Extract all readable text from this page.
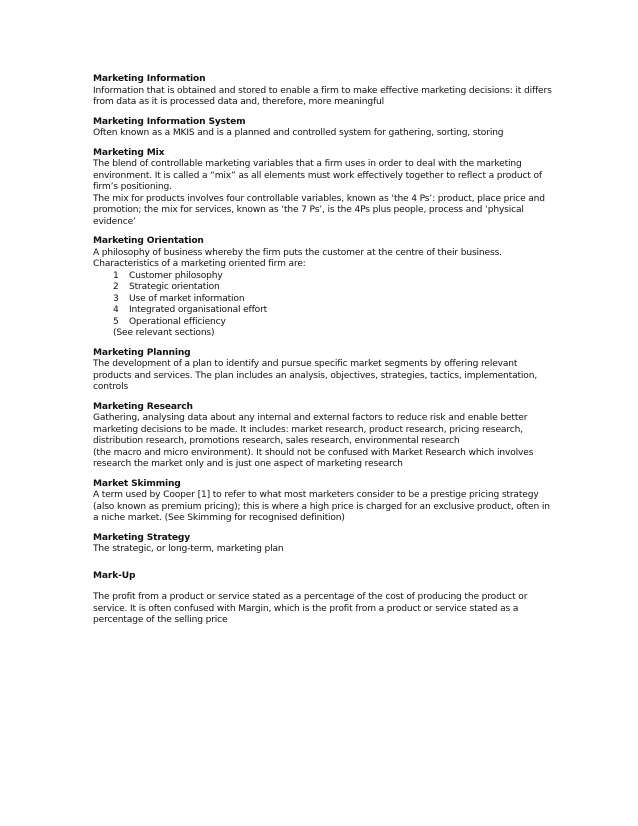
Marketing Information
Information that is obtained and stored to enable a firm to make effective marketing decisions: it differs from data as it is processed data and, therefore, more meaningful
Marketing Information System
Often known as a MKIS and is a planned and controlled system for gathering, sorting, storing
Marketing Mix
The blend of controllable marketing variables that a firm uses in order to deal with the marketing environment. It is called a “mix” as all elements must work effectively together to reflect a product of firm’s positioning.
The mix for products involves four controllable variables, known as ‘the 4 Ps’: product, place price and promotion; the mix for services, known as ‘the 7 Ps’, is the 4Ps plus people, process and ‘physical evidence’
Marketing Orientation
A philosophy of business whereby the firm puts the customer at the centre of their business.
Characteristics of a marketing oriented firm are:
1 Customer philosophy
2 Strategic orientation
3 Use of market information
4 Integrated organisational effort
5 Operational efficiency
(See relevant sections)
Marketing Planning
The development of a plan to identify and pursue specific market segments by offering relevant products and services. The plan includes an analysis, objectives, strategies, tactics, implementation, controls
Marketing Research
Gathering, analysing data about any internal and external factors to reduce risk and enable better marketing decisions to be made. It includes: market research, product research, pricing research, distribution research, promotions research, sales research, environmental research
(the macro and micro environment). It should not be confused with Market Research which involves research the market only and is just one aspect of marketing research
Market Skimming
A term used by Cooper [1] to refer to what most marketers consider to be a prestige pricing strategy (also known as premium pricing); this is where a high price is charged for an exclusive product, often in a niche market. (See Skimming for recognised definition)
Marketing Strategy
The strategic, or long-term, marketing plan
Mark-Up
The profit from a product or service stated as a percentage of the cost of producing the product or service. It is often confused with Margin, which is the profit from a product or service stated as a percentage of the selling price
